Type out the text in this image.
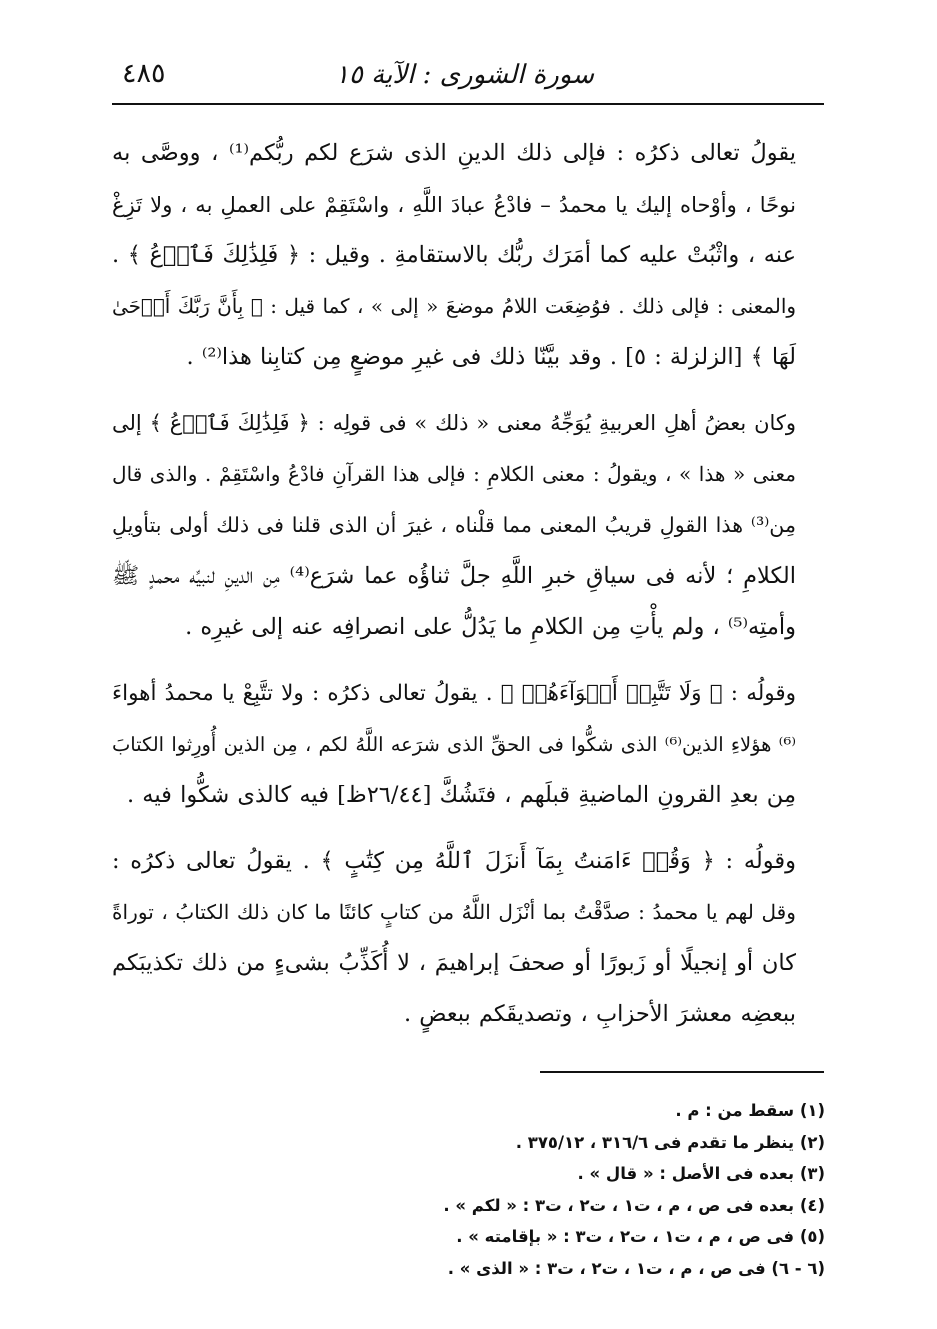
سورة الشورى : الآية ١٥
٤٨٥

يقولُ تعالى ذكرُه : فإلى ذلك الدينِ الذى شرَع لكم ربُّكم⁽¹⁾ ، ووصَّى به
نوحًا ، وأوْحاه إليك يا محمدُ – فادْعُ عبادَ اللَّهِ ، واسْتَقِمْ على العملِ به ، ولا تَزِغْ
عنه ، واثْبُتْ عليه كما أمَرَك ربُّك بالاستقامةِ . وقيل : ﴿ فَلِذَٰلِكَ فَٱدۡعُ ﴾ .
والمعنى : فإلى ذلك . فوُضِعَت اللامُ موضعَ « إلى » ، كما قيل : ﴿ بِأَنَّ رَبَّكَ أَوۡحَىٰ
لَهَا ﴾ [الزلزلة : ٥] . وقد بيَّنّا ذلك فى غيرِ موضعٍ مِن كتابِنا هذا⁽²⁾ .

وكان بعضُ أهلِ العربيةِ يُوَجِّهُ معنى « ذلك » فى قولِه : ﴿ فَلِذَٰلِكَ فَٱدۡعُ ﴾ إلى
معنى « هذا » ، ويقولُ : معنى الكلامِ : فإلى هذا القرآنِ فادْعُ واسْتَقِمْ . والذى قال
مِن⁽³⁾ هذا القولِ قريبُ المعنى مما قلْناه ، غيرَ أن الذى قلنا فى ذلك أولى بتأويلِ
الكلامِ ؛ لأنه فى سياقِ خبرِ اللَّهِ جلَّ ثناؤُه عما شرَع⁽⁴⁾ مِن الدينِ لنبيِّه محمدٍ ﷺ
وأمتِه⁽⁵⁾ ، ولم يأْتِ مِن الكلامِ ما يَدُلُّ على انصرافِه عنه إلى غيرِه .

وقولُه : ﴿ وَلَا تَتَّبِعۡ أَهۡوَآءَهُمۡ ﴾ . يقولُ تعالى ذكرُه : ولا تتَّبِعْ يا محمدُ أهواءَ
⁽⁶⁾ هؤلاءِ الذين⁽⁶⁾ الذى شكُّوا فى الحقِّ الذى شرَعه اللَّهُ لكم ، مِن الذين أُورِثوا الكتابَ
مِن بعدِ القرونِ الماضيةِ قبلَهم ، فتَشُكَّ [٢٦/٤٤ظ] فيه كالذى شكُّوا فيه .

وقولُه : ﴿ وَقُلۡ ءَامَنتُ بِمَآ أَنزَلَ ٱللَّهُ مِن كِتَٰبٍ ﴾ . يقولُ تعالى ذكرُه :
وقل لهم يا محمدُ : صدَّقْتُ بما أنْزَل اللَّهُ من كتابٍ كائنًا ما كان ذلك الكتابُ ، توراةً
كان أو إنجيلًا أو زَبورًا أو صحفَ إبراهيمَ ، لا أُكَذِّبُ بشىءٍ من ذلك تكذيبَكم
ببعضِه معشرَ الأحزابِ ، وتصديقَكم ببعضٍ .

(١) سقط من : م .
(٢) ينظر ما تقدم فى ٣١٦/٦ ، ٣٧٥/١٢ .
(٣) بعده فى الأصل : « قال » .
(٤) بعده فى ص ، م ، ت١ ، ت٢ ، ت٣ : « لكم » .
(٥) فى ص ، م ، ت١ ، ت٢ ، ت٣ : « بإقامته » .
(٦ - ٦) فى ص ، م ، ت١ ، ت٢ ، ت٣ : « الذى » .
